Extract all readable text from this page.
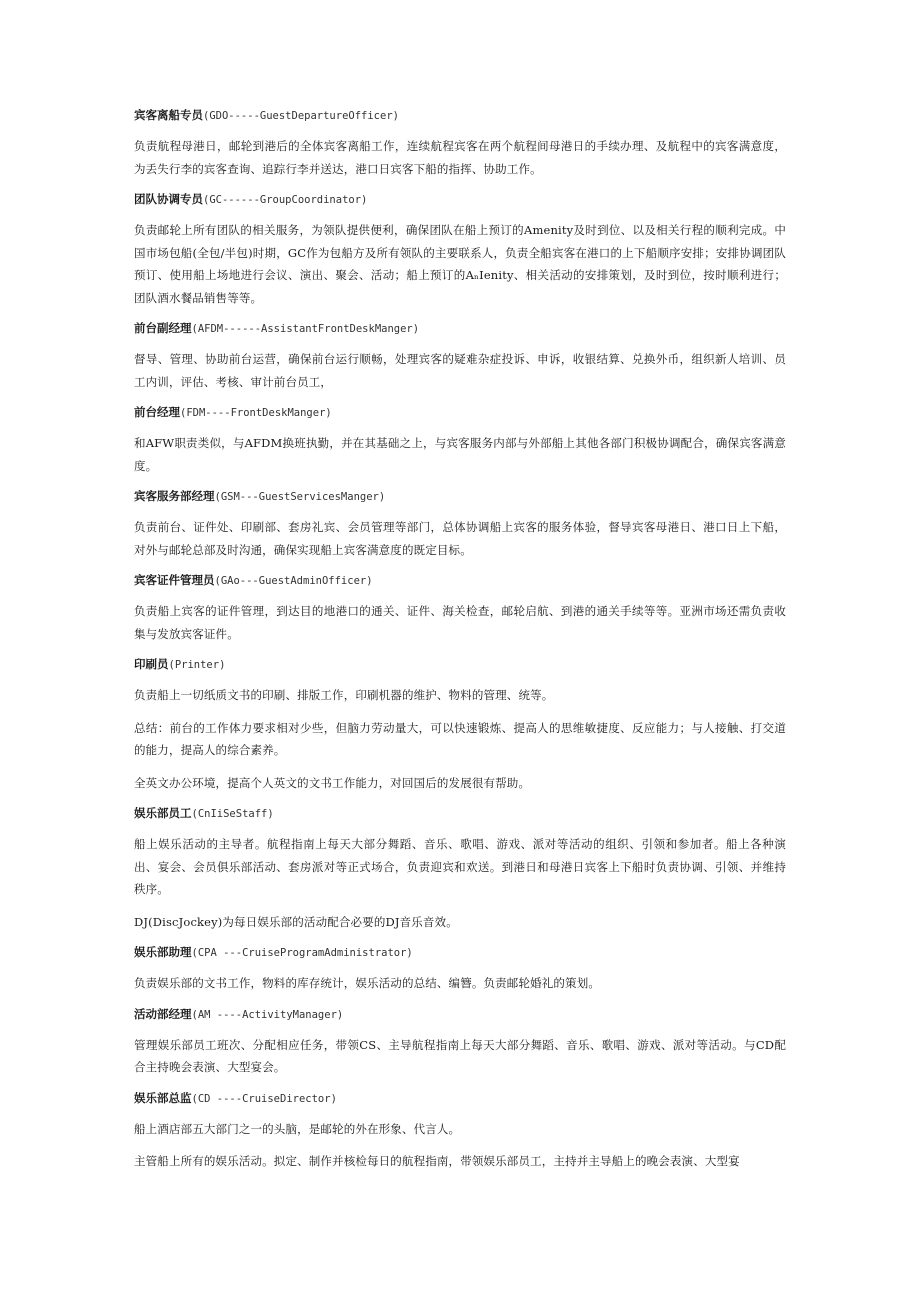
宾客离船专员(GDO-----GuestDepartureOfficer)

负责航程母港日，邮轮到港后的全体宾客离船工作，连续航程宾客在两个航程间母港日的手续办理、及航程中的宾客满意度，为丢失行李的宾客查询、追踪行李并送达，港口日宾客下船的指挥、协助工作。

团队协调专员(GC------GroupCoordinator)

负责邮轮上所有团队的相关服务，为领队提供便利，确保团队在船上预订的Amenity及时到位、以及相关行程的顺利完成。中国市场包船(全包/半包)时期，GC作为包船方及所有领队的主要联系人，负责全船宾客在港口的上下船顺序安排；安排协调团队预订、使用船上场地进行会议、演出、聚会、活动；船上预订的AₙIenity、相关活动的安排策划，及时到位，按时顺利进行；团队酒水餐品销售等等。

前台副经理(AFDM------AssistantFrontDeskManger)

督导、管理、协助前台运营，确保前台运行顺畅，处理宾客的疑难杂症投诉、申诉，收银结算、兑换外币，组织新人培训、员工内训，评估、考核、审计前台员工，

前台经理(FDM----FrontDeskManger)

和AFW职责类似，与AFDM换班执勤，并在其基础之上，与宾客服务内部与外部船上其他各部门积极协调配合，确保宾客满意度。

宾客服务部经理(GSM---GuestServicesManger)

负责前台、证件处、印刷部、套房礼宾、会员管理等部门，总体协调船上宾客的服务体验，督导宾客母港日、港口日上下船，对外与邮轮总部及时沟通，确保实现船上宾客满意度的既定目标。

宾客证件管理员(GAo---GuestAdminOfficer)

负责船上宾客的证件管理，到达目的地港口的通关、证件、海关检查，邮轮启航、到港的通关手续等等。亚洲市场还需负责收集与发放宾客证件。

印刷员(Printer)

负责船上一切纸质文书的印刷、排版工作，印刷机器的维护、物料的管理、统等。

总结：前台的工作体力要求相对少些，但脑力劳动量大，可以快速锻炼、提高人的思维敏捷度、反应能力；与人接触、打交道的能力，提高人的综合素养。

全英文办公环境，提高个人英文的文书工作能力，对回国后的发展很有帮助。

娱乐部员工(CnIiSeStaff)

船上娱乐活动的主导者。航程指南上每天大部分舞蹈、音乐、歌唱、游戏、派对等活动的组织、引领和参加者。船上各种演出、宴会、会员俱乐部活动、套房派对等正式场合，负责迎宾和欢送。到港日和母港日宾客上下船时负责协调、引领、并维持秩序。

DJ(DiscJockey)为每日娱乐部的活动配合必要的DJ音乐音效。

娱乐部助理(CPA ---CruiseProgramAdministrator)

负责娱乐部的文书工作，物料的库存统计，娱乐活动的总结、编簪。负责邮轮婚礼的策划。

活动部经理(AM ----ActivityManager)

管理娱乐部员工班次、分配相应任务，带领CS、主导航程指南上每天大部分舞蹈、音乐、歌唱、游戏、派对等活动。与CD配合主持晚会表演、大型宴会。

娱乐部总监(CD ----CruiseDirector)

船上酒店部五大部门之一的头脑，是邮轮的外在形象、代言人。

主管船上所有的娱乐活动。拟定、制作并核检每日的航程指南，带领娱乐部员工，主持并主导船上的晚会表演、大型宴
